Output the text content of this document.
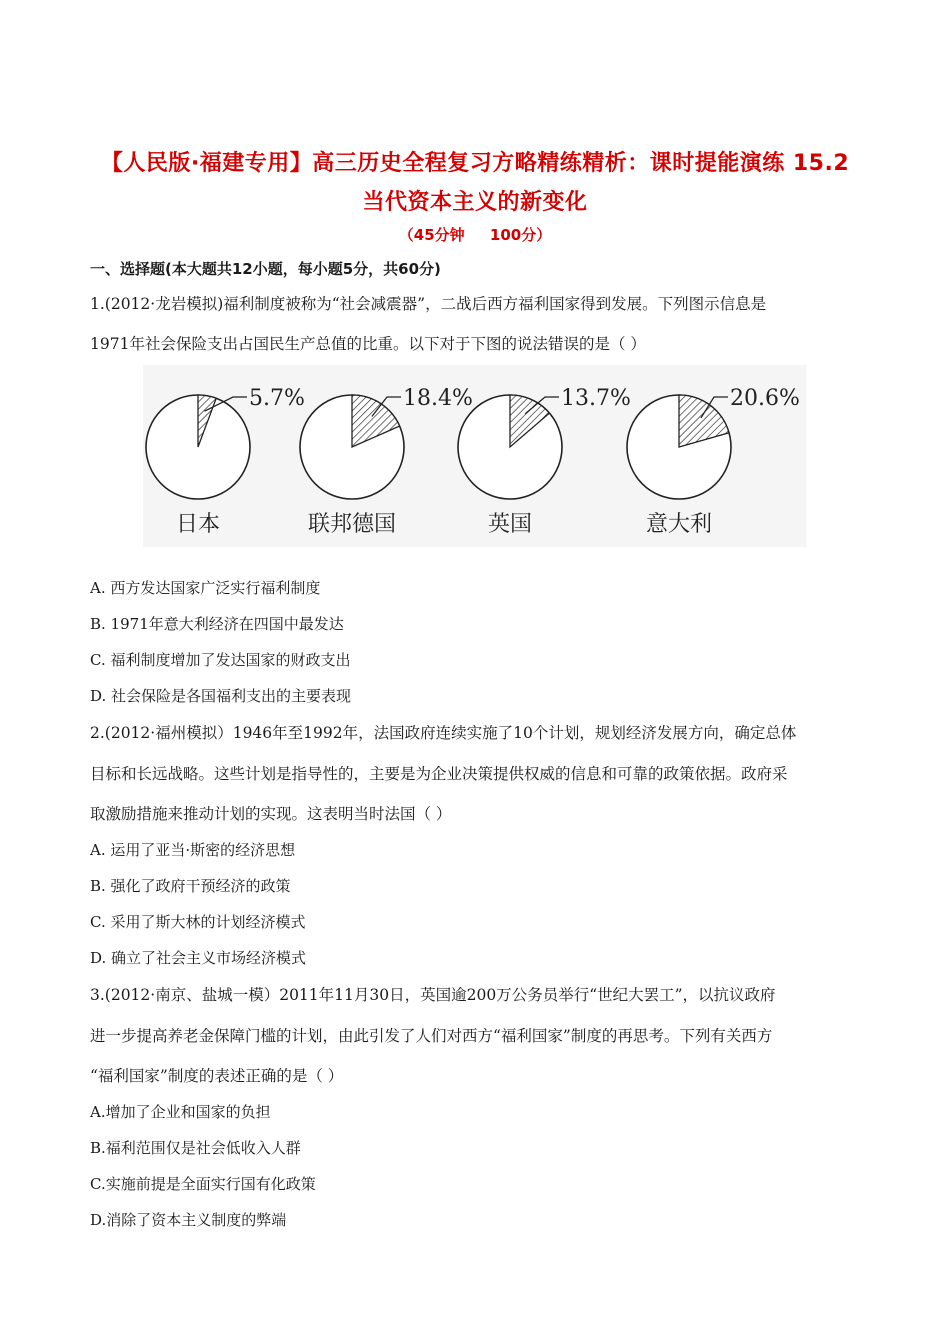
【人民版·福建专用】高三历史全程复习方略精练精析：课时提能演练 15.2
当代资本主义的新变化
（45分钟 100分）
一、选择题(本大题共12小题，每小题5分，共60分)
1.(2012·龙岩模拟)福利制度被称为“社会减震器”，二战后西方福利国家得到发展。下列图示信息是
1971年社会保险支出占国民生产总值的比重。以下对于下图的说法错误的是（ ）
5.7%
日本
18.4%
联邦德国
13.7%
英国
20.6%
意大利
A. 西方发达国家广泛实行福利制度
B. 1971年意大利经济在四国中最发达
C. 福利制度增加了发达国家的财政支出
D. 社会保险是各国福利支出的主要表现
2.(2012·福州模拟）1946年至1992年，法国政府连续实施了10个计划，规划经济发展方向，确定总体
目标和长远战略。这些计划是指导性的，主要是为企业决策提供权威的信息和可靠的政策依据。政府采
取激励措施来推动计划的实现。这表明当时法国（ ）
A. 运用了亚当·斯密的经济思想
B. 强化了政府干预经济的政策
C. 采用了斯大林的计划经济模式
D. 确立了社会主义市场经济模式
3.(2012·南京、盐城一模）2011年11月30日，英国逾200万公务员举行“世纪大罢工”，以抗议政府
进一步提高养老金保障门槛的计划，由此引发了人们对西方“福利国家”制度的再思考。下列有关西方
“福利国家”制度的表述正确的是（ ）
A.增加了企业和国家的负担
B.福利范围仅是社会低收入人群
C.实施前提是全面实行国有化政策
D.消除了资本主义制度的弊端
